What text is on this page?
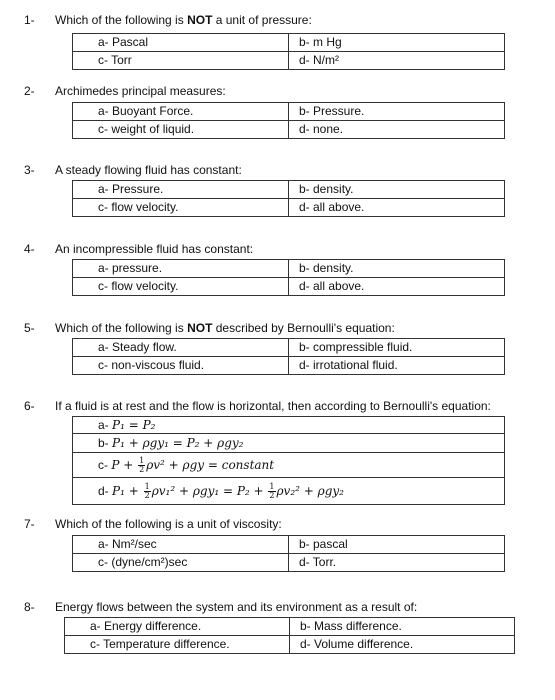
1- Which of the following is NOT a unit of pressure:
a- Pascal	b- m Hg
c- Torr	d- N/m²
2- Archimedes principal measures:
a- Buoyant Force.	b- Pressure.
c- weight of liquid.	d- none.
3- A steady flowing fluid has constant:
a- Pressure.	b- density.
c- flow velocity.	d- all above.
4- An incompressible fluid has constant:
a- pressure.	b- density.
c- flow velocity.	d- all above.
5- Which of the following is NOT described by Bernoulli's equation:
a- Steady flow.	b- compressible fluid.
c- non-viscous fluid.	d- irrotational fluid.
6- If a fluid is at rest and the flow is horizontal, then according to Bernoulli's equation:
a- P₁ = P₂
b- P₁ + ρgy₁ = P₂ + ρgy₂
c- $P + \frac{1}{2} \rho v^2 + \rho gy$ = constant
d- $P_1 + \frac{1}{2} \rho v_1^2 + \rho gy_1 = P_2 + \frac{1}{2} \rho v_2^2 + \rho gy_2$
7- Which of the following is a unit of viscosity:
a- Nm²/sec	b- pascal
c- (dyne/cm²)sec	d- Torr.
8- Energy flows between the system and its environment as a result of:
a- Energy difference.	b- Mass difference.
c- Temperature difference.	d- Volume difference.
